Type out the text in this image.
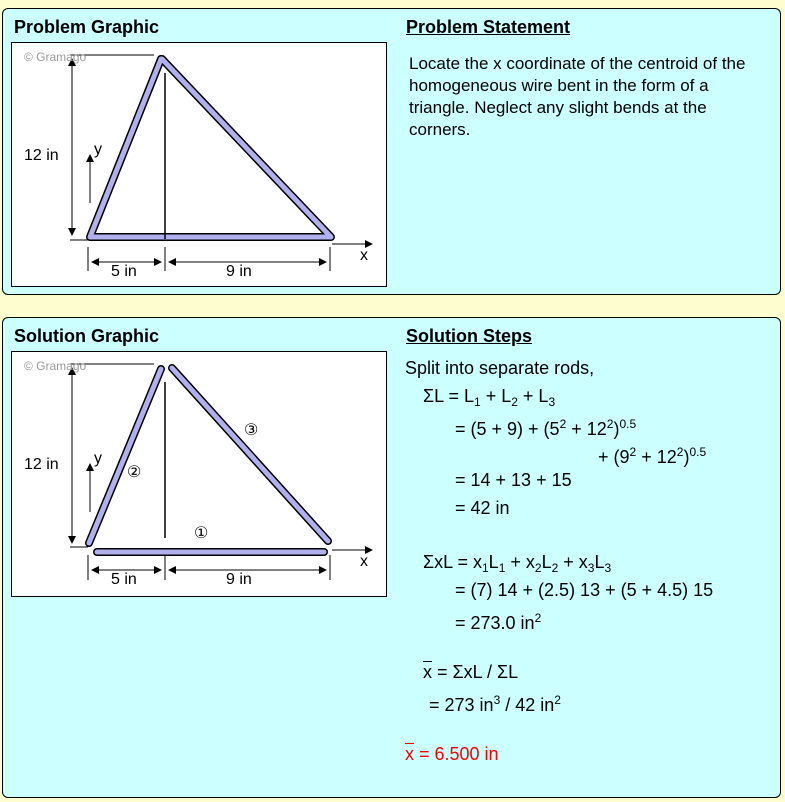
Problem Graphic	Problem Statement
© Gramago
12 in y
x
5 in	9 in
Locate the x coordinate of the centroid of the homogeneous wire bent in the form of a triangle. Neglect any slight bends at the corners.
Solution Graphic	Solution Steps
© Gramago
12 in y
x
5 in	9 in
①
②
③
Split into separate rods,
$\Sigma L = L_1 + L_2 + L_3$
= $(5 + 9) + (5^2 + 12^2)^{0.5}$
+ $(9^2 + 12^2)^{0.5}$
= 14 + 13 + 15
= 42 in
$\Sigma xL = x_1L_1 + x_2L_2 + x_3L_3$
= (7) 14 + (2.5) 13 + (5 + 4.5) 15
= 273.0 $in^2$
$\overline{x} = \Sigma xL / \Sigma L$
= 273 $in^3 / 42$ $in^2$
$\overline{x} = 6.500$ in
